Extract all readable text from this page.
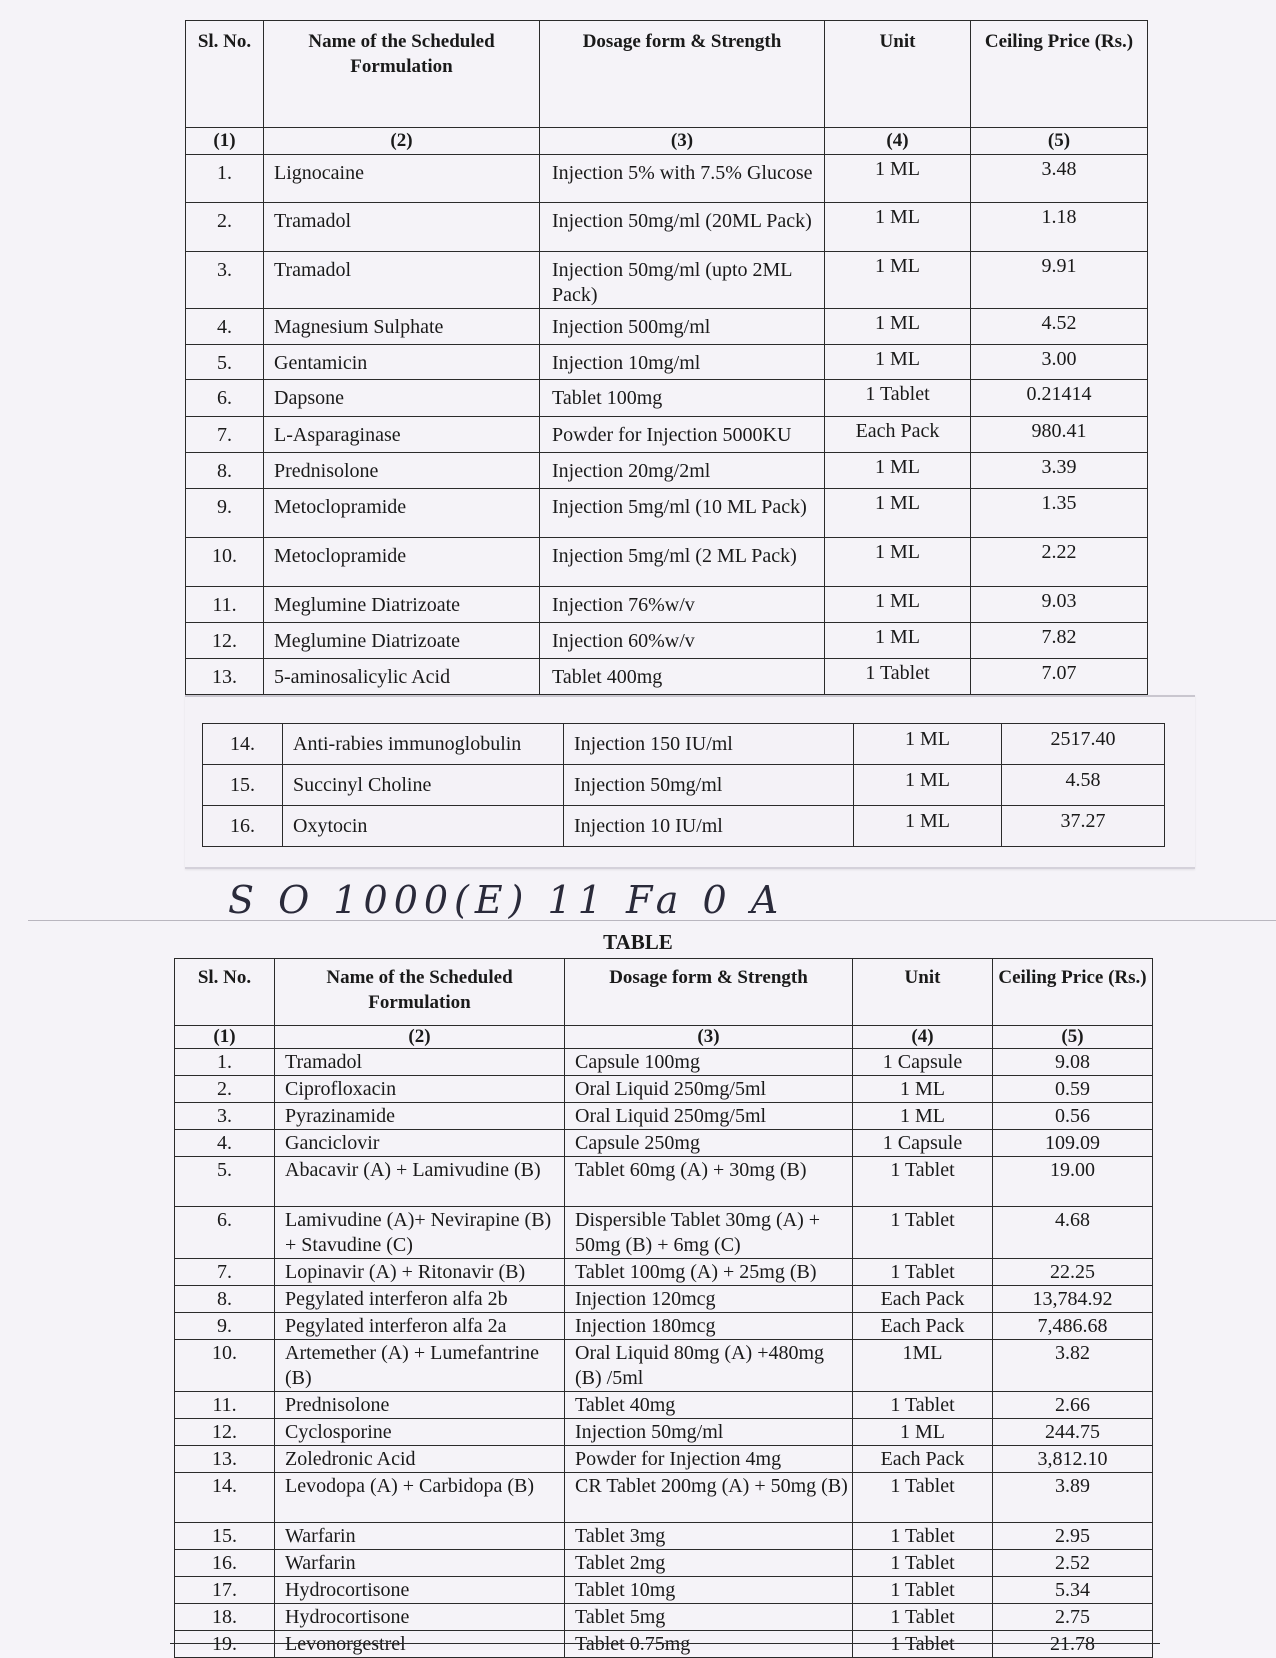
Sl. No.	Name of the Scheduled Formulation	Dosage form & Strength	Unit	Ceiling Price (Rs.)
(1)	(2)	(3)	(4)	(5)
1.	Lignocaine	Injection 5% with 7.5% Glucose	1 ML	3.48
2.	Tramadol	Injection 50mg/ml (20ML Pack)	1 ML	1.18
3.	Tramadol	Injection 50mg/ml (upto 2ML Pack)	1 ML	9.91
4.	Magnesium Sulphate	Injection 500mg/ml	1 ML	4.52
5.	Gentamicin	Injection 10mg/ml	1 ML	3.00
6.	Dapsone	Tablet 100mg	1 Tablet	0.21414
7.	L-Asparaginase	Powder for Injection 5000KU	Each Pack	980.41
8.	Prednisolone	Injection 20mg/2ml	1 ML	3.39
9.	Metoclopramide	Injection 5mg/ml (10 ML Pack)	1 ML	1.35
10.	Metoclopramide	Injection 5mg/ml (2 ML Pack)	1 ML	2.22
11.	Meglumine Diatrizoate	Injection 76%w/v	1 ML	9.03
12.	Meglumine Diatrizoate	Injection 60%w/v	1 ML	7.82
13.	5-aminosalicylic Acid	Tablet 400mg	1 Tablet	7.07
14.	Anti-rabies immunoglobulin	Injection 150 IU/ml	1 ML	2517.40
15.	Succinyl Choline	Injection 50mg/ml	1 ML	4.58
16.	Oxytocin	Injection 10 IU/ml	1 ML	37.27
S O 1000(E) 11 Fa 0 A
TABLE
Sl. No.	Name of the Scheduled Formulation	Dosage form & Strength	Unit	Ceiling Price (Rs.)
(1)	(2)	(3)	(4)	(5)
1.	Tramadol	Capsule 100mg	1 Capsule	9.08
2.	Ciprofloxacin	Oral Liquid 250mg/5ml	1 ML	0.59
3.	Pyrazinamide	Oral Liquid 250mg/5ml	1 ML	0.56
4.	Ganciclovir	Capsule 250mg	1 Capsule	109.09
5.	Abacavir (A) + Lamivudine (B)	Tablet 60mg (A) + 30mg (B)	1 Tablet	19.00
6.	Lamivudine (A)+ Nevirapine (B) + Stavudine (C)	Dispersible Tablet 30mg (A) + 50mg (B) + 6mg (C)	1 Tablet	4.68
7.	Lopinavir (A) + Ritonavir (B)	Tablet 100mg (A) + 25mg (B)	1 Tablet	22.25
8.	Pegylated interferon alfa 2b	Injection 120mcg	Each Pack	13,784.92
9.	Pegylated interferon alfa 2a	Injection 180mcg	Each Pack	7,486.68
10.	Artemether (A) + Lumefantrine (B)	Oral Liquid 80mg (A) +480mg (B) /5ml	1ML	3.82
11.	Prednisolone	Tablet 40mg	1 Tablet	2.66
12.	Cyclosporine	Injection 50mg/ml	1 ML	244.75
13.	Zoledronic Acid	Powder for Injection 4mg	Each Pack	3,812.10
14.	Levodopa (A) + Carbidopa (B)	CR Tablet 200mg (A) + 50mg (B)	1 Tablet	3.89
15.	Warfarin	Tablet 3mg	1 Tablet	2.95
16.	Warfarin	Tablet 2mg	1 Tablet	2.52
17.	Hydrocortisone	Tablet 10mg	1 Tablet	5.34
18.	Hydrocortisone	Tablet 5mg	1 Tablet	2.75
19.	Levonorgestrel	Tablet 0.75mg	1 Tablet	21.78
